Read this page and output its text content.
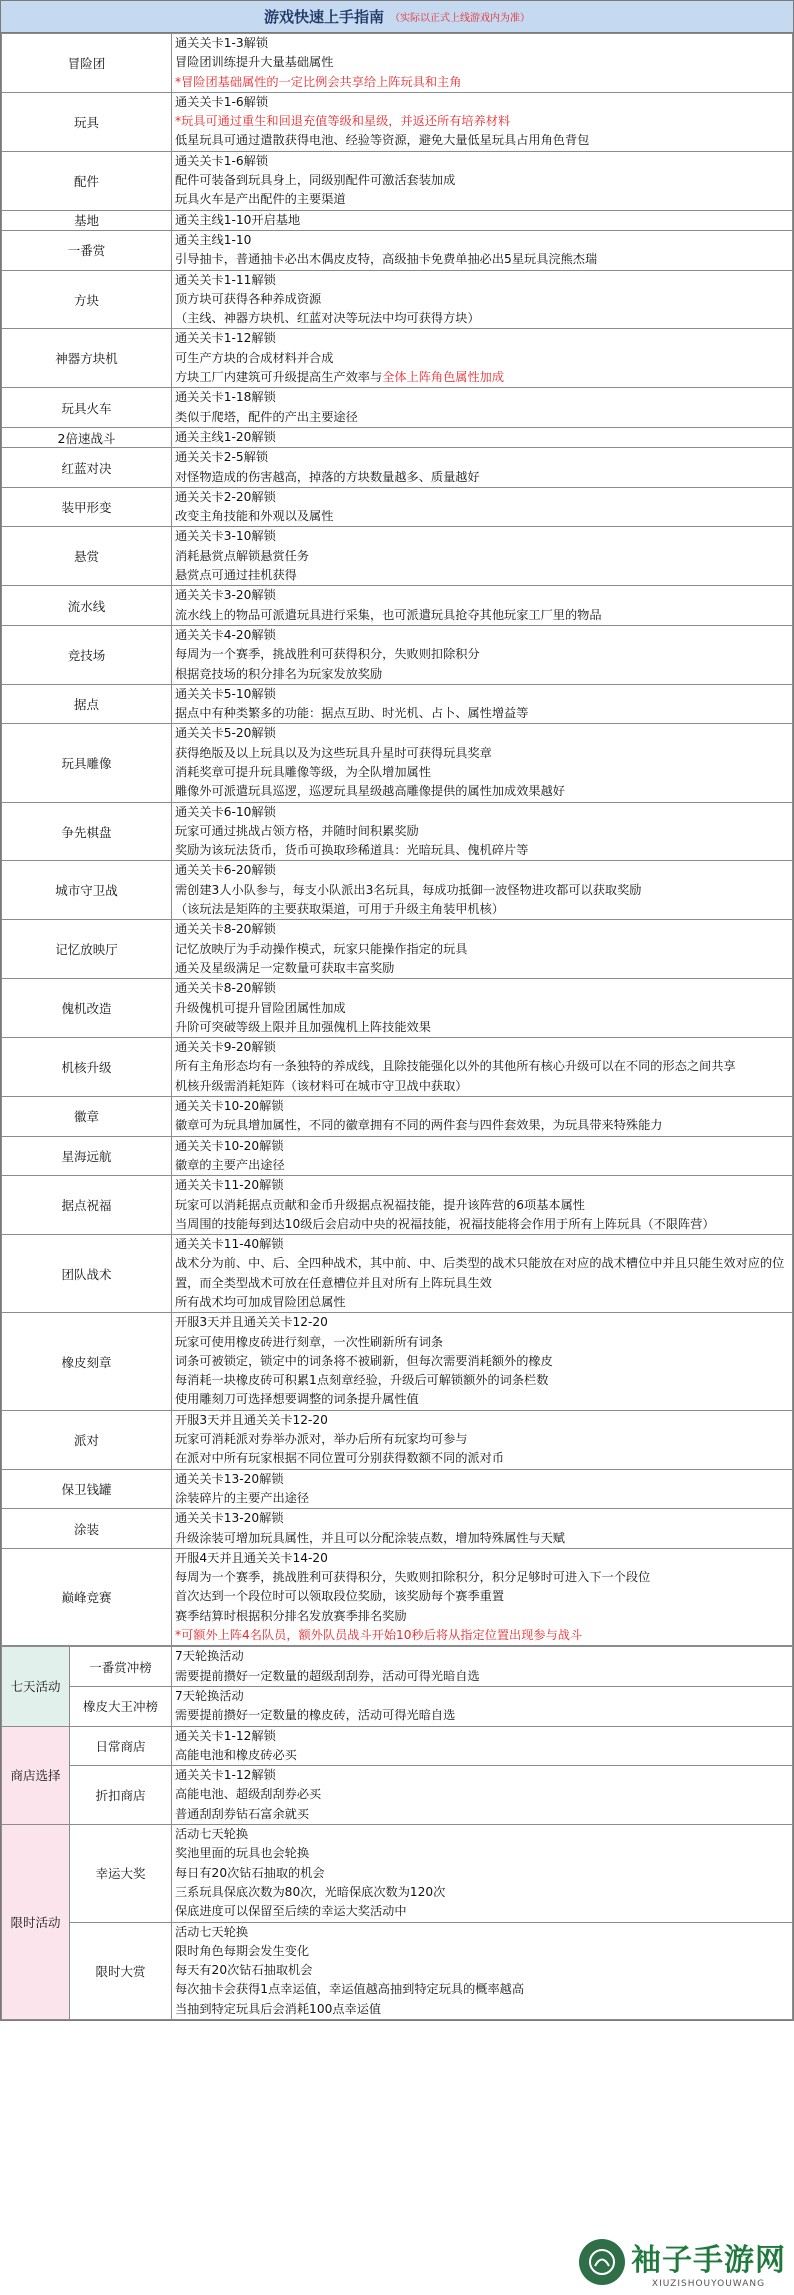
游戏快速上手指南 （实际以正式上线游戏内为准）
冒险团	通关关卡1-3解锁
冒险团训练提升大量基础属性
*冒险团基础属性的一定比例会共享给上阵玩具和主角

玩具	通关关卡1-6解锁
*玩具可通过重生和回退充值等级和星级，并返还所有培养材料
低星玩具可通过遣散获得电池、经验等资源，避免大量低星玩具占用角色背包

配件	通关关卡1-6解锁
配件可装备到玩具身上，同级别配件可激活套装加成
玩具火车是产出配件的主要渠道

基地	通关主线1-10开启基地

一番赏	通关主线1-10
引导抽卡，普通抽卡必出木偶皮皮特，高级抽卡免费单抽必出5星玩具浣熊杰瑞

方块	通关关卡1-11解锁
顶方块可获得各种养成资源
（主线、神器方块机、红蓝对决等玩法中均可获得方块）

神器方块机	通关关卡1-12解锁
可生产方块的合成材料并合成
方块工厂内建筑可升级提高生产效率与全体上阵角色属性加成

玩具火车	通关关卡1-18解锁
类似于爬塔，配件的产出主要途径

2倍速战斗	通关主线1-20解锁

红蓝对决	通关关卡2-5解锁
对怪物造成的伤害越高，掉落的方块数量越多、质量越好

装甲形变	通关关卡2-20解锁
改变主角技能和外观以及属性

悬赏	通关关卡3-10解锁
消耗悬赏点解锁悬赏任务
悬赏点可通过挂机获得

流水线	通关关卡3-20解锁
流水线上的物品可派遣玩具进行采集，也可派遣玩具抢夺其他玩家工厂里的物品

竞技场	通关关卡4-20解锁
每周为一个赛季，挑战胜利可获得积分，失败则扣除积分
根据竞技场的积分排名为玩家发放奖励

据点	通关关卡5-10解锁
据点中有种类繁多的功能：据点互助、时光机、占卜、属性增益等

玩具雕像	通关关卡5-20解锁
获得绝版及以上玩具以及为这些玩具升星时可获得玩具奖章
消耗奖章可提升玩具雕像等级，为全队增加属性
雕像外可派遣玩具巡逻，巡逻玩具星级越高雕像提供的属性加成效果越好

争先棋盘	通关关卡6-10解锁
玩家可通过挑战占领方格，并随时间积累奖励
奖励为该玩法货币，货币可换取珍稀道具：光暗玩具、傀机碎片等

城市守卫战	通关关卡6-20解锁
需创建3人小队参与，每支小队派出3名玩具，每成功抵御一波怪物进攻都可以获取奖励
（该玩法是矩阵的主要获取渠道，可用于升级主角装甲机核）

记忆放映厅	通关关卡8-20解锁
记忆放映厅为手动操作模式，玩家只能操作指定的玩具
通关及星级满足一定数量可获取丰富奖励

傀机改造	通关关卡8-20解锁
升级傀机可提升冒险团属性加成
升阶可突破等级上限并且加强傀机上阵技能效果

机核升级	通关关卡9-20解锁
所有主角形态均有一条独特的养成线，且除技能强化以外的其他所有核心升级可以在不同的形态之间共享
机核升级需消耗矩阵（该材料可在城市守卫战中获取）

徽章	通关关卡10-20解锁
徽章可为玩具增加属性，不同的徽章拥有不同的两件套与四件套效果，为玩具带来特殊能力

星海远航	通关关卡10-20解锁
徽章的主要产出途径

据点祝福	通关关卡11-20解锁
玩家可以消耗据点贡献和金币升级据点祝福技能，提升该阵营的6项基本属性
当周围的技能每到达10级后会启动中央的祝福技能，祝福技能将会作用于所有上阵玩具（不限阵营）

团队战术	通关关卡11-40解锁
战术分为前、中、后、全四种战术，其中前、中、后类型的战术只能放在对应的战术槽位中并且只能生效对应的位置，而全类型战术可放在任意槽位并且对所有上阵玩具生效
所有战术均可加成冒险团总属性

橡皮刻章	开服3天并且通关关卡12-20
玩家可使用橡皮砖进行刻章，一次性刷新所有词条
词条可被锁定，锁定中的词条将不被刷新，但每次需要消耗额外的橡皮
每消耗一块橡皮砖可积累1点刻章经验，升级后可解锁额外的词条栏数
使用雕刻刀可选择想要调整的词条提升属性值

派对	开服3天并且通关关卡12-20
玩家可消耗派对券举办派对，举办后所有玩家均可参与
在派对中所有玩家根据不同位置可分别获得数额不同的派对币

保卫钱罐	通关关卡13-20解锁
涂装碎片的主要产出途径

涂装	通关关卡13-20解锁
升级涂装可增加玩具属性，并且可以分配涂装点数，增加特殊属性与天赋

巅峰竞赛	开服4天并且通关关卡14-20
每周为一个赛季，挑战胜利可获得积分，失败则扣除积分，积分足够时可进入下一个段位
首次达到一个段位时可以领取段位奖励，该奖励每个赛季重置
赛季结算时根据积分排名发放赛季排名奖励
*可额外上阵4名队员，额外队员战斗开始10秒后将从指定位置出现参与战斗
七天活动	一番赏冲榜	7天轮换活动
需要提前攒好一定数量的超级刮刮券，活动可得光暗自选

	橡皮大王冲榜	7天轮换活动
需要提前攒好一定数量的橡皮砖，活动可得光暗自选

商店选择	日常商店	通关关卡1-12解锁
高能电池和橡皮砖必买

	折扣商店	通关关卡1-12解锁
高能电池、超级刮刮券必买
普通刮刮券钻石富余就买

限时活动	幸运大奖	活动七天轮换
奖池里面的玩具也会轮换
每日有20次钻石抽取的机会
三系玩具保底次数为80次，光暗保底次数为120次
保底进度可以保留至后续的幸运大奖活动中

	限时大赏	活动七天轮换
限时角色每期会发生变化
每天有20次钻石抽取机会
每次抽卡会获得1点幸运值，幸运值越高抽到特定玩具的概率越高
当抽到特定玩具后会消耗100点幸运值
袖子手游网
XIUZISHOUYOUWANG
